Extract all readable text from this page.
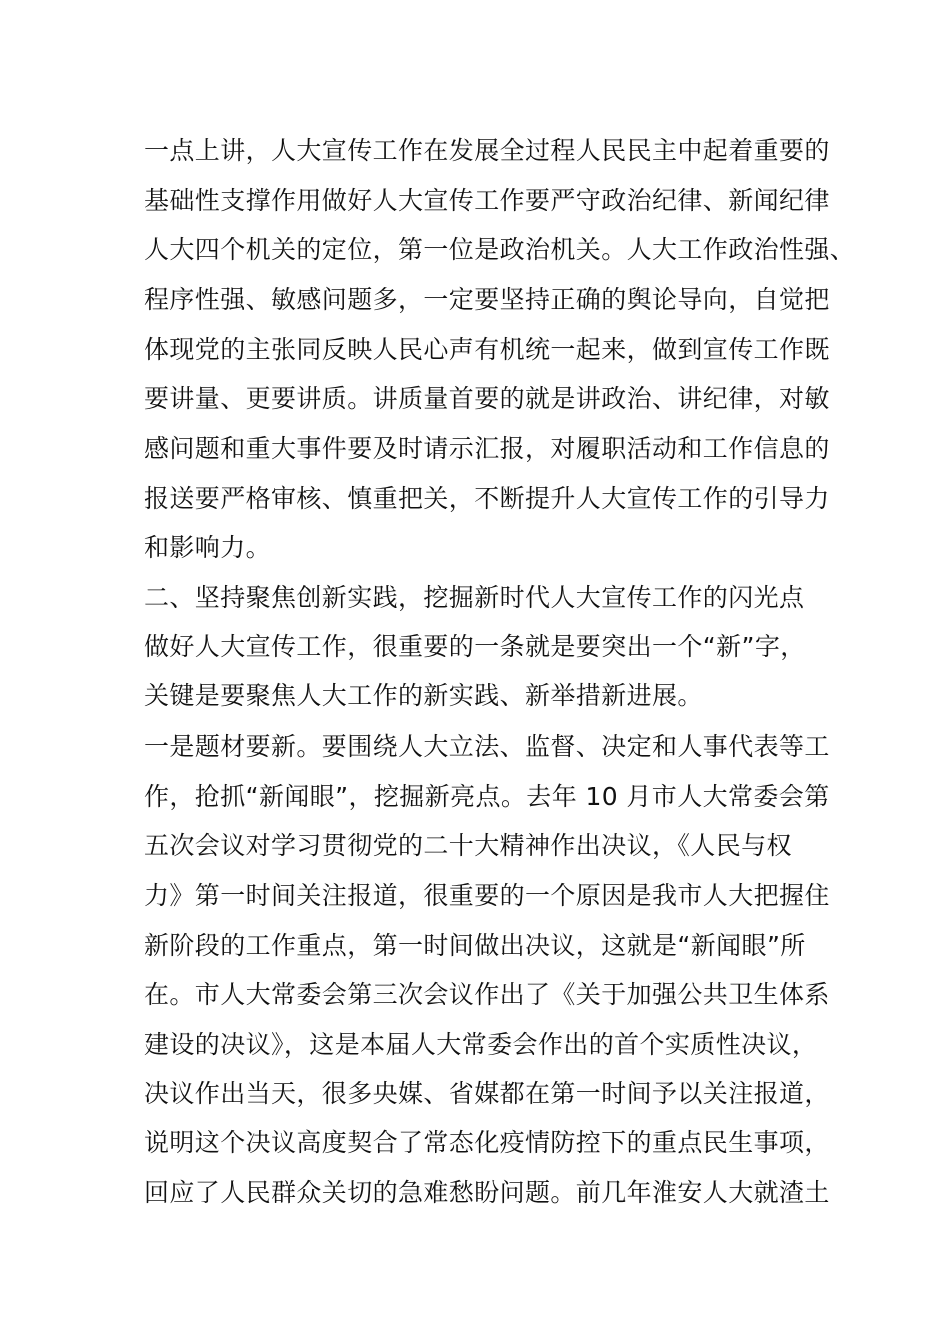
一点上讲，人大宣传工作在发展全过程人民民主中起着重要的
基础性支撑作用做好人大宣传工作要严守政治纪律、新闻纪律
人大四个机关的定位，第一位是政治机关。人大工作政治性强、
程序性强、敏感问题多，一定要坚持正确的舆论导向，自觉把
体现党的主张同反映人民心声有机统一起来，做到宣传工作既
要讲量、更要讲质。讲质量首要的就是讲政治、讲纪律，对敏
感问题和重大事件要及时请示汇报，对履职活动和工作信息的
报送要严格审核、慎重把关，不断提升人大宣传工作的引导力
和影响力。
二、坚持聚焦创新实践，挖掘新时代人大宣传工作的闪光点
做好人大宣传工作，很重要的一条就是要突出一个“新”字，
关键是要聚焦人大工作的新实践、新举措新进展。
一是题材要新。要围绕人大立法、监督、决定和人事代表等工
作，抢抓“新闻眼”，挖掘新亮点。去年 10 月市人大常委会第
五次会议对学习贯彻党的二十大精神作出决议，《人民与权
力》第一时间关注报道，很重要的一个原因是我市人大把握住
新阶段的工作重点，第一时间做出决议，这就是“新闻眼”所
在。市人大常委会第三次会议作出了《关于加强公共卫生体系
建设的决议》，这是本届人大常委会作出的首个实质性决议，
决议作出当天，很多央媒、省媒都在第一时间予以关注报道，
说明这个决议高度契合了常态化疫情防控下的重点民生事项，
回应了人民群众关切的急难愁盼问题。前几年淮安人大就渣土
